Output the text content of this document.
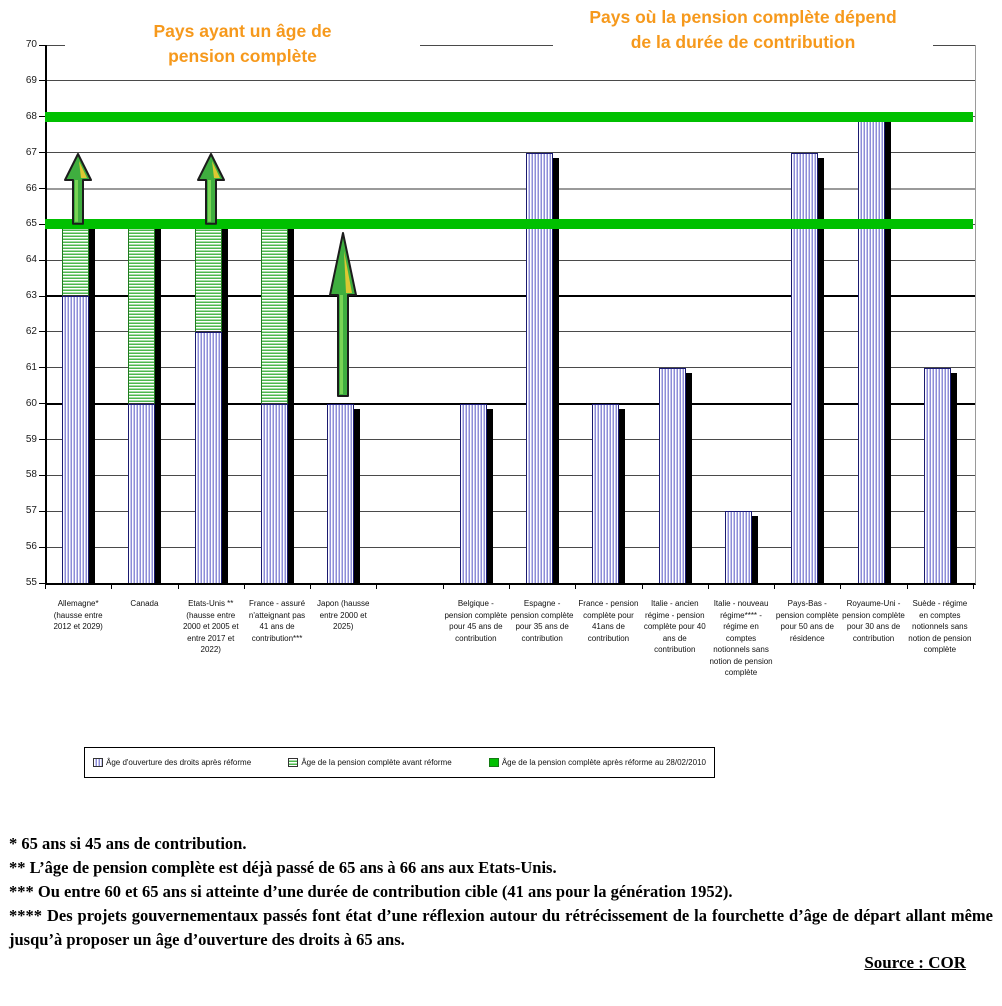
Pays ayant un âge de
pension complète
Pays où la pension complète dépend
de la durée de contribution
Âge d'ouverture des droits après réforme	Âge de la pension complète avant réforme	Âge de la pension complète après réforme au 28/02/2010

* 65 ans si 45 ans de contribution.

** L’âge de pension complète est déjà passé de 65 ans à 66 ans aux Etats-Unis.

*** Ou entre 60 et 65 ans si atteinte d’une durée de contribution cible (41 ans pour la génération 1952).

**** Des projets gouvernementaux passés font état d’une réflexion autour du rétrécissement de la fourchette d’âge de départ allant même jusqu’à proposer un âge d’ouverture des droits à 65 ans.

Source : COR
55
56
57
58
59
60
61
62
63
64
65
66
67
68
69
70
Allemagne* (hausse entre 2012 et 2029)
Canada	Etats-Unis ** (hausse entre 2000 et 2005 et entre 2017 et 2022)
France - assuré n'atteignant pas 41 ans de contribution***
Japon (hausse entre 2000 et 2025)
Belgique - pension complète pour 45 ans de contribution
Espagne - pension complète pour 35 ans de contribution
France - pension complète pour 41ans de contribution
Italie - ancien régime - pension complète pour 40 ans de contribution
Italie - nouveau régime**** - régime en comptes notionnels sans notion de pension complète
Pays-Bas - pension complète pour 50 ans de résidence
Royaume-Uni - pension complète pour 30 ans de contribution
Suède - régime en comptes notionnels sans notion de pension complète
